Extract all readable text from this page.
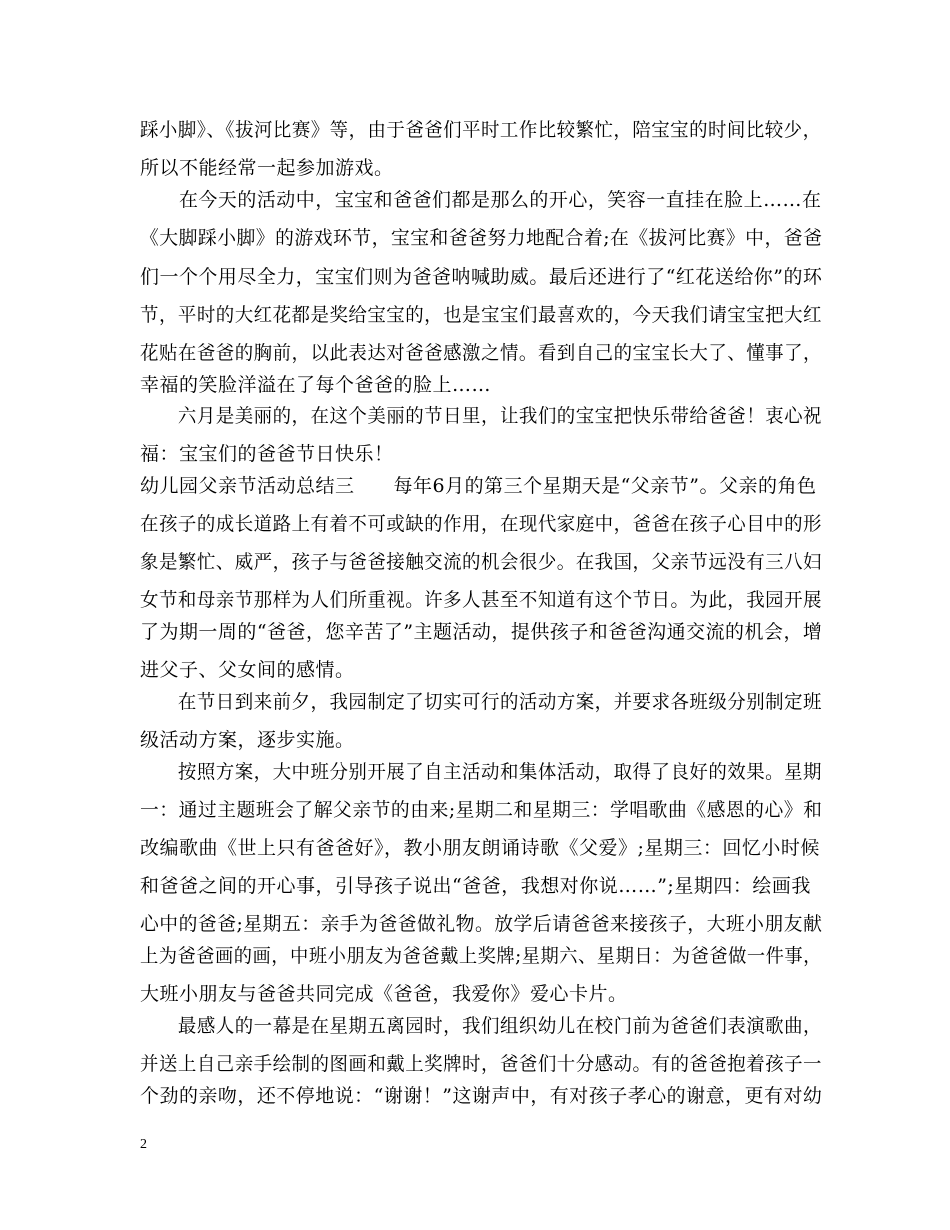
踩小脚》、《拔河比赛》等，由于爸爸们平时工作比较繁忙，陪宝宝的时间比较少，
所以不能经常一起参加游戏。
　　在今天的活动中，宝宝和爸爸们都是那么的开心，笑容一直挂在脸上……在
《大脚踩小脚》的游戏环节，宝宝和爸爸努力地配合着;在《拔河比赛》中，爸爸
们一个个用尽全力，宝宝们则为爸爸呐喊助威。最后还进行了“红花送给你”的环
节，平时的大红花都是奖给宝宝的，也是宝宝们最喜欢的，今天我们请宝宝把大红
花贴在爸爸的胸前，以此表达对爸爸感激之情。看到自己的宝宝长大了、懂事了，
幸福的笑脸洋溢在了每个爸爸的脸上……
　　六月是美丽的，在这个美丽的节日里，让我们的宝宝把快乐带给爸爸！衷心祝
福：宝宝们的爸爸节日快乐！
幼儿园父亲节活动总结三　　每年6月的第三个星期天是“父亲节”。父亲的角色
在孩子的成长道路上有着不可或缺的作用，在现代家庭中，爸爸在孩子心目中的形
象是繁忙、威严，孩子与爸爸接触交流的机会很少。在我国，父亲节远没有三八妇
女节和母亲节那样为人们所重视。许多人甚至不知道有这个节日。为此，我园开展
了为期一周的“爸爸，您辛苦了”主题活动，提供孩子和爸爸沟通交流的机会，增
进父子、父女间的感情。
　　在节日到来前夕，我园制定了切实可行的活动方案，并要求各班级分别制定班
级活动方案，逐步实施。
　　按照方案，大中班分别开展了自主活动和集体活动，取得了良好的效果。星期
一：通过主题班会了解父亲节的由来;星期二和星期三：学唱歌曲《感恩的心》和
改编歌曲《世上只有爸爸好》，教小朋友朗诵诗歌《父爱》;星期三：回忆小时候
和爸爸之间的开心事，引导孩子说出“爸爸，我想对你说……”;星期四：绘画我
心中的爸爸;星期五：亲手为爸爸做礼物。放学后请爸爸来接孩子，大班小朋友献
上为爸爸画的画，中班小朋友为爸爸戴上奖牌;星期六、星期日：为爸爸做一件事，
大班小朋友与爸爸共同完成《爸爸，我爱你》爱心卡片。
　　最感人的一幕是在星期五离园时，我们组织幼儿在校门前为爸爸们表演歌曲，
并送上自己亲手绘制的图画和戴上奖牌时，爸爸们十分感动。有的爸爸抱着孩子一
个劲的亲吻，还不停地说：“谢谢！”这谢声中，有对孩子孝心的谢意，更有对幼
2
